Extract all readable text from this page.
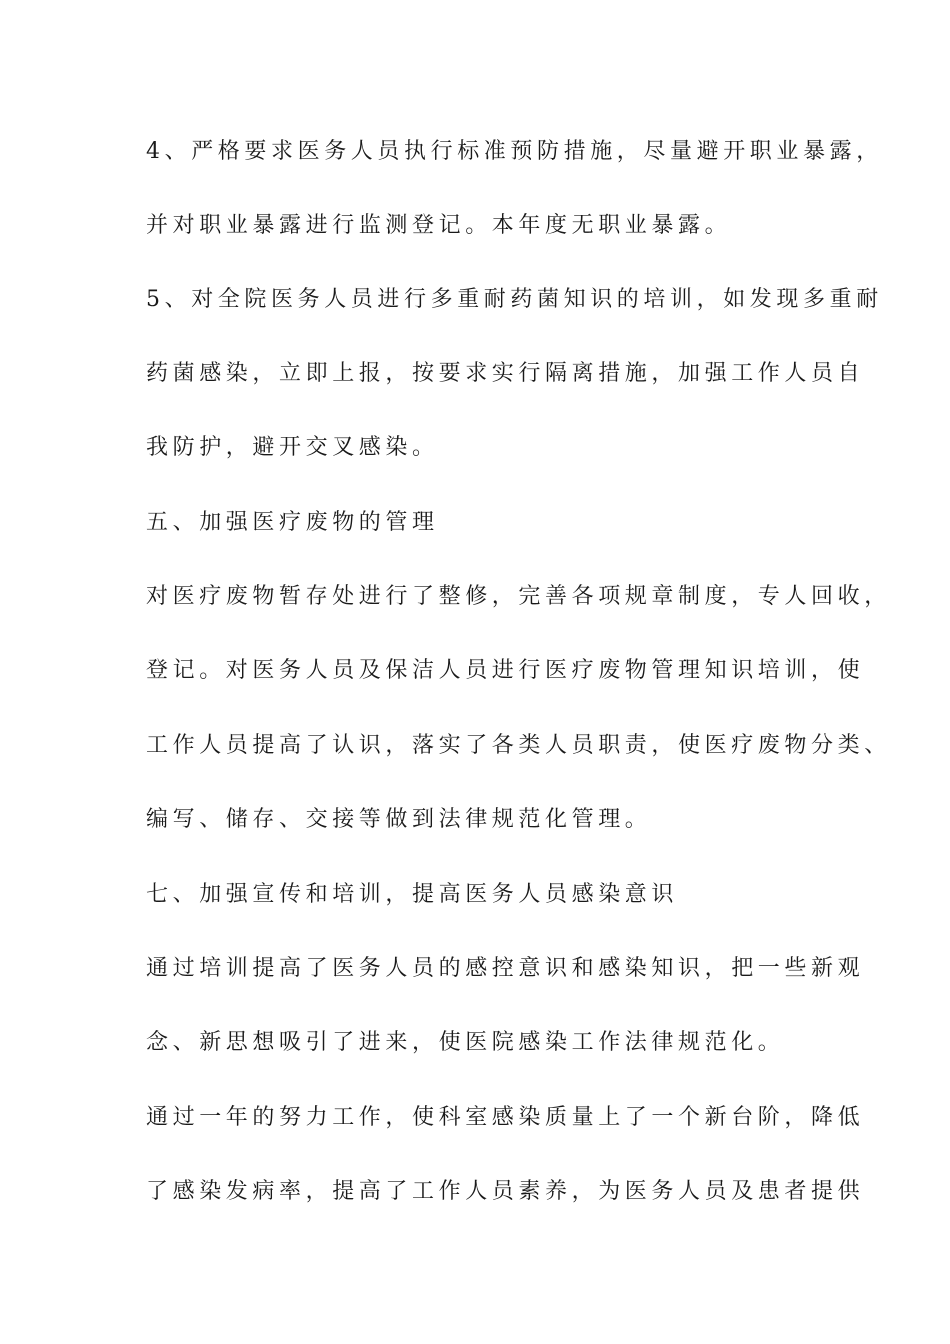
4、严格要求医务人员执行标准预防措施，尽量避开职业暴露，
并对职业暴露进行监测登记。本年度无职业暴露。
5、对全院医务人员进行多重耐药菌知识的培训，如发现多重耐
药菌感染，立即上报，按要求实行隔离措施，加强工作人员自
我防护，避开交叉感染。
五、加强医疗废物的管理
对医疗废物暂存处进行了整修，完善各项规章制度，专人回收，
登记。对医务人员及保洁人员进行医疗废物管理知识培训，使
工作人员提高了认识，落实了各类人员职责，使医疗废物分类、
编写、储存、交接等做到法律规范化管理。
七、加强宣传和培训，提高医务人员感染意识
通过培训提高了医务人员的感控意识和感染知识，把一些新观
念、新思想吸引了进来，使医院感染工作法律规范化。
通过一年的努力工作，使科室感染质量上了一个新台阶，降低
了感染发病率，提高了工作人员素养，为医务人员及患者提供
